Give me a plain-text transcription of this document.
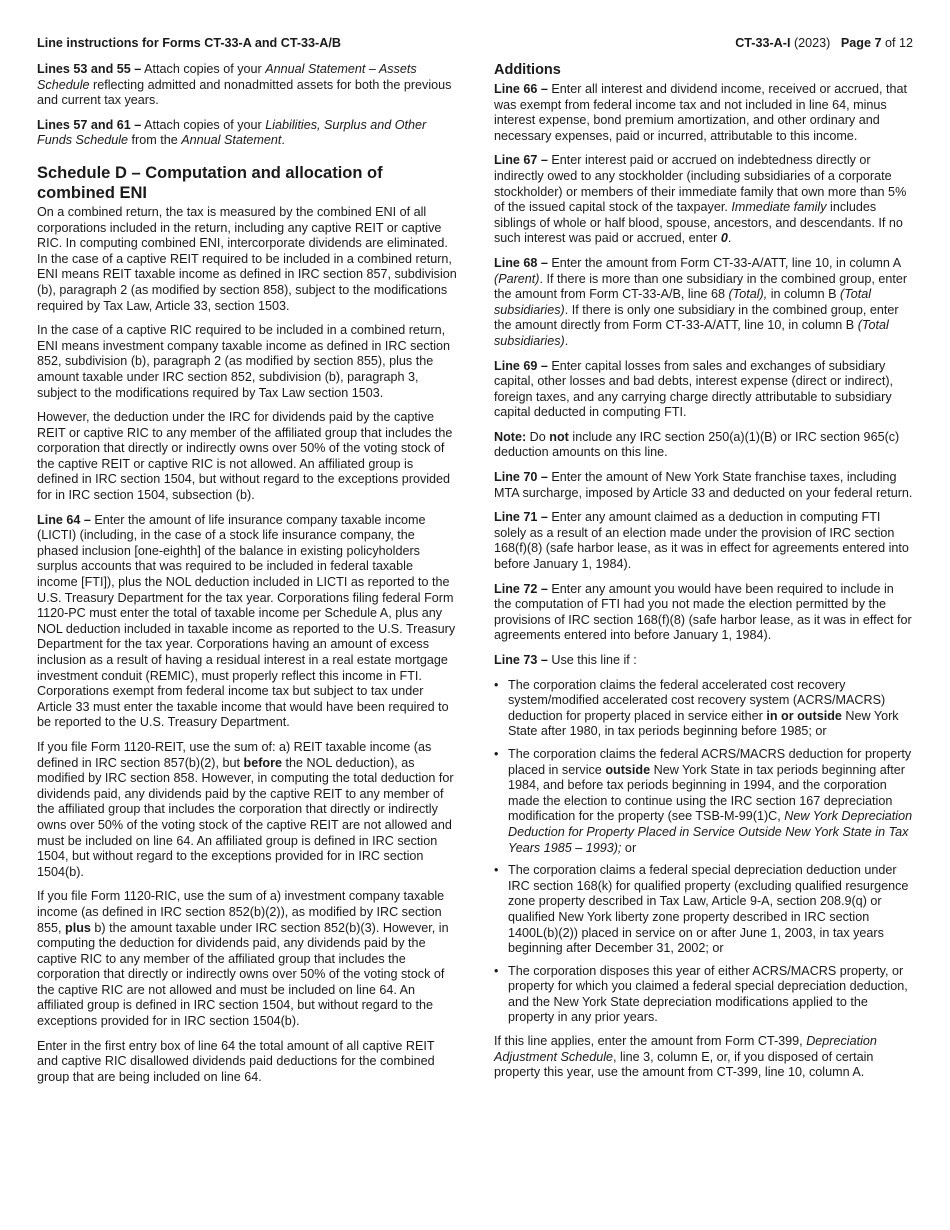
Line instructions for Forms CT-33-A and CT-33-A/B	CT-33-A-I (2023) Page 7 of 12

Lines 53 and 55 – Attach copies of your Annual Statement – Assets Schedule reflecting admitted and nonadmitted assets for both the previous and current tax years.

Lines 57 and 61 – Attach copies of your Liabilities, Surplus and Other Funds Schedule from the Annual Statement.

Schedule D – Computation and allocation of combined ENI

On a combined return, the tax is measured by the combined ENI of all corporations included in the return, including any captive REIT or captive RIC. In computing combined ENI, intercorporate dividends are eliminated. In the case of a captive REIT required to be included in a combined return, ENI means REIT taxable income as defined in IRC section 857, subdivision (b), paragraph 2 (as modified by section 858), subject to the modifications required by Tax Law, Article 33, section 1503.

In the case of a captive RIC required to be included in a combined return, ENI means investment company taxable income as defined in IRC section 852, subdivision (b), paragraph 2 (as modified by section 855), plus the amount taxable under IRC section 852, subdivision (b), paragraph 3, subject to the modifications required by Tax Law section 1503.

However, the deduction under the IRC for dividends paid by the captive REIT or captive RIC to any member of the affiliated group that includes the corporation that directly or indirectly owns over 50% of the voting stock of the captive REIT or captive RIC is not allowed. An affiliated group is defined in IRC section 1504, but without regard to the exceptions provided for in IRC section 1504, subsection (b).

Line 64 – Enter the amount of life insurance company taxable income (LICTI) (including, in the case of a stock life insurance company, the phased inclusion [one-eighth] of the balance in existing policyholders surplus accounts that was required to be included in federal taxable income [FTI]), plus the NOL deduction included in LICTI as reported to the U.S. Treasury Department for the tax year. Corporations filing federal Form 1120-PC must enter the total of taxable income per Schedule A, plus any NOL deduction included in taxable income as reported to the U.S. Treasury Department for the tax year. Corporations having an amount of excess inclusion as a result of having a residual interest in a real estate mortgage investment conduit (REMIC), must properly reflect this income in FTI. Corporations exempt from federal income tax but subject to tax under Article 33 must enter the taxable income that would have been required to be reported to the U.S. Treasury Department.

If you file Form 1120-REIT, use the sum of: a) REIT taxable income (as defined in IRC section 857(b)(2), but before the NOL deduction), as modified by IRC section 858. However, in computing the total deduction for dividends paid, any dividends paid by the captive REIT to any member of the affiliated group that includes the corporation that directly or indirectly owns over 50% of the voting stock of the captive REIT are not allowed and must be included on line 64. An affiliated group is defined in IRC section 1504, but without regard to the exceptions provided for in IRC section 1504(b).

If you file Form 1120-RIC, use the sum of a) investment company taxable income (as defined in IRC section 852(b)(2)), as modified by IRC section 855, plus b) the amount taxable under IRC section 852(b)(3). However, in computing the deduction for dividends paid, any dividends paid by the captive RIC to any member of the affiliated group that includes the corporation that directly or indirectly owns over 50% of the voting stock of the captive RIC are not allowed and must be included on line 64. An affiliated group is defined in IRC section 1504, but without regard to the exceptions provided for in IRC section 1504(b).

Enter in the first entry box of line 64 the total amount of all captive REIT and captive RIC disallowed dividends paid deductions for the combined group that are being included on line 64.

Additions

Line 66 – Enter all interest and dividend income, received or accrued, that was exempt from federal income tax and not included in line 64, minus interest expense, bond premium amortization, and other ordinary and necessary expenses, paid or incurred, attributable to this income.

Line 67 – Enter interest paid or accrued on indebtedness directly or indirectly owed to any stockholder (including subsidiaries of a corporate stockholder) or members of their immediate family that own more than 5% of the issued capital stock of the taxpayer. Immediate family includes siblings of whole or half blood, spouse, ancestors, and descendants. If no such interest was paid or accrued, enter 0.

Line 68 – Enter the amount from Form CT-33-A/ATT, line 10, in column A (Parent). If there is more than one subsidiary in the combined group, enter the amount from Form CT-33-A/B, line 68 (Total), in column B (Total subsidiaries). If there is only one subsidiary in the combined group, enter the amount directly from Form CT-33-A/ATT, line 10, in column B (Total subsidiaries).

Line 69 – Enter capital losses from sales and exchanges of subsidiary capital, other losses and bad debts, interest expense (direct or indirect), foreign taxes, and any carrying charge directly attributable to subsidiary capital deducted in computing FTI.

Note: Do not include any IRC section 250(a)(1)(B) or IRC section 965(c) deduction amounts on this line.

Line 70 – Enter the amount of New York State franchise taxes, including MTA surcharge, imposed by Article 33 and deducted on your federal return.

Line 71 – Enter any amount claimed as a deduction in computing FTI solely as a result of an election made under the provision of IRC section 168(f)(8) (safe harbor lease, as it was in effect for agreements entered into before January 1, 1984).

Line 72 – Enter any amount you would have been required to include in the computation of FTI had you not made the election permitted by the provisions of IRC section 168(f)(8) (safe harbor lease, as it was in effect for agreements entered into before January 1, 1984).

Line 73 – Use this line if :

• The corporation claims the federal accelerated cost recovery system/modified accelerated cost recovery system (ACRS/MACRS) deduction for property placed in service either in or outside New York State after 1980, in tax periods beginning before 1985; or
• The corporation claims the federal ACRS/MACRS deduction for property placed in service outside New York State in tax periods beginning after 1984, and before tax periods beginning in 1994, and the corporation made the election to continue using the IRC section 167 depreciation modification for the property (see TSB-M-99(1)C, New York Depreciation Deduction for Property Placed in Service Outside New York State in Tax Years 1985 – 1993); or
• The corporation claims a federal special depreciation deduction under IRC section 168(k) for qualified property (excluding qualified resurgence zone property described in Tax Law, Article 9-A, section 208.9(q) or qualified New York liberty zone property described in IRC section 1400L(b)(2)) placed in service on or after June 1, 2003, in tax years beginning after December 31, 2002; or
• The corporation disposes this year of either ACRS/MACRS property, or property for which you claimed a federal special depreciation deduction, and the New York State depreciation modifications applied to the property in any prior years.

If this line applies, enter the amount from Form CT-399, Depreciation Adjustment Schedule, line 3, column E, or, if you disposed of certain property this year, use the amount from CT-399, line 10, column A.
